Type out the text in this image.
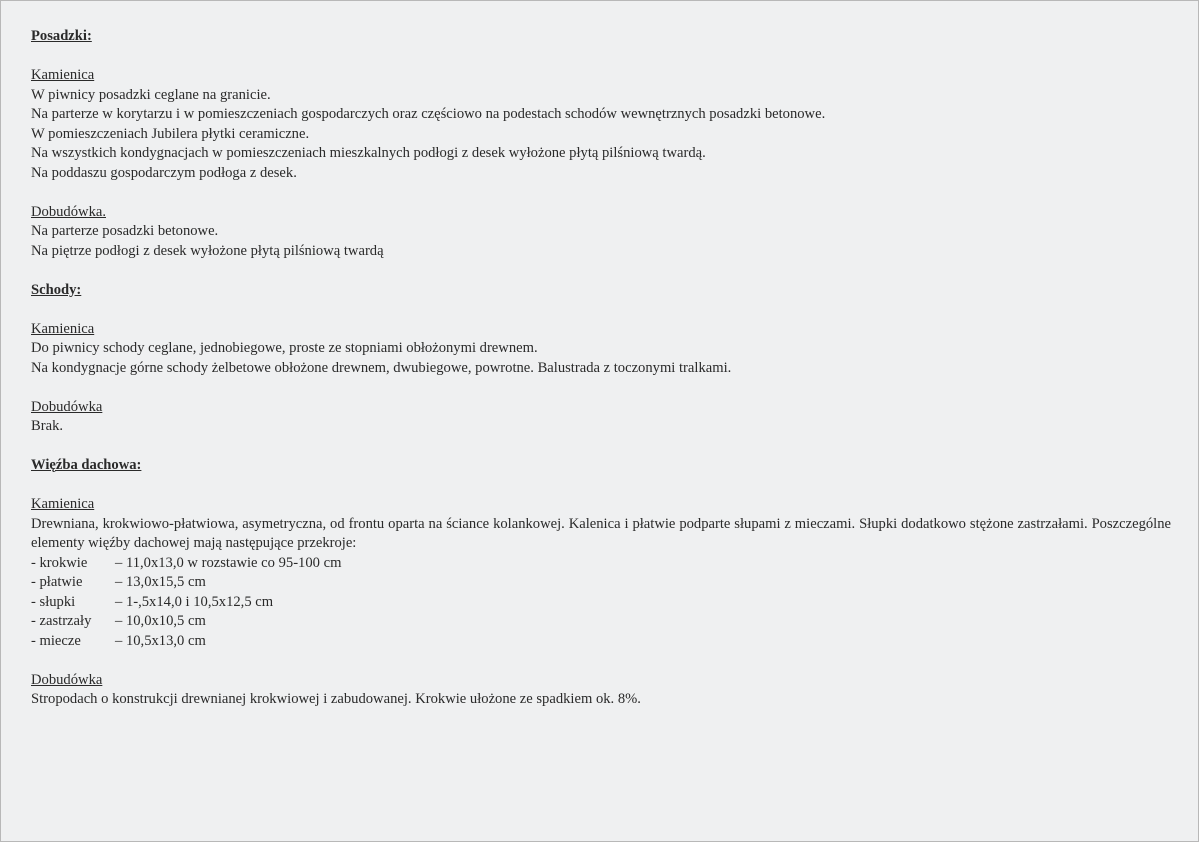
Posadzki:

Kamienica

W piwnicy posadzki ceglane na granicie.

Na parterze w korytarzu i w pomieszczeniach gospodarczych oraz częściowo na podestach schodów wewnętrznych posadzki betonowe.

W pomieszczeniach Jubilera płytki ceramiczne.

Na wszystkich kondygnacjach w pomieszczeniach mieszkalnych podłogi z desek wyłożone płytą pilśniową twardą.

Na poddaszu gospodarczym podłoga z desek.

Dobudówka.

Na parterze posadzki betonowe.

Na piętrze podłogi z desek wyłożone płytą pilśniową twardą

Schody:

Kamienica

Do piwnicy schody ceglane, jednobiegowe, proste ze stopniami obłożonymi drewnem.

Na kondygnacje górne schody żelbetowe obłożone drewnem, dwubiegowe, powrotne. Balustrada z toczonymi tralkami.

Dobudówka

Brak.

Więźba dachowa:

Kamienica

Drewniana, krokwiowo-płatwiowa, asymetryczna, od frontu oparta na ściance kolankowej. Kalenica i płatwie podparte słupami z mieczami. Słupki dodatkowo stężone zastrzałami. Poszczególne elementy więźby dachowej mają następujące przekroje:

- krokwie	– 11,0x13,0 w rozstawie co 95-100 cm
- płatwie	– 13,0x15,5 cm
- słupki	– 1-,5x14,0 i 10,5x12,5 cm
- zastrzały	– 10,0x10,5 cm
- miecze	– 10,5x13,0 cm

Dobudówka

Stropodach o konstrukcji drewnianej krokwiowej i zabudowanej. Krokwie ułożone ze spadkiem ok. 8%.
